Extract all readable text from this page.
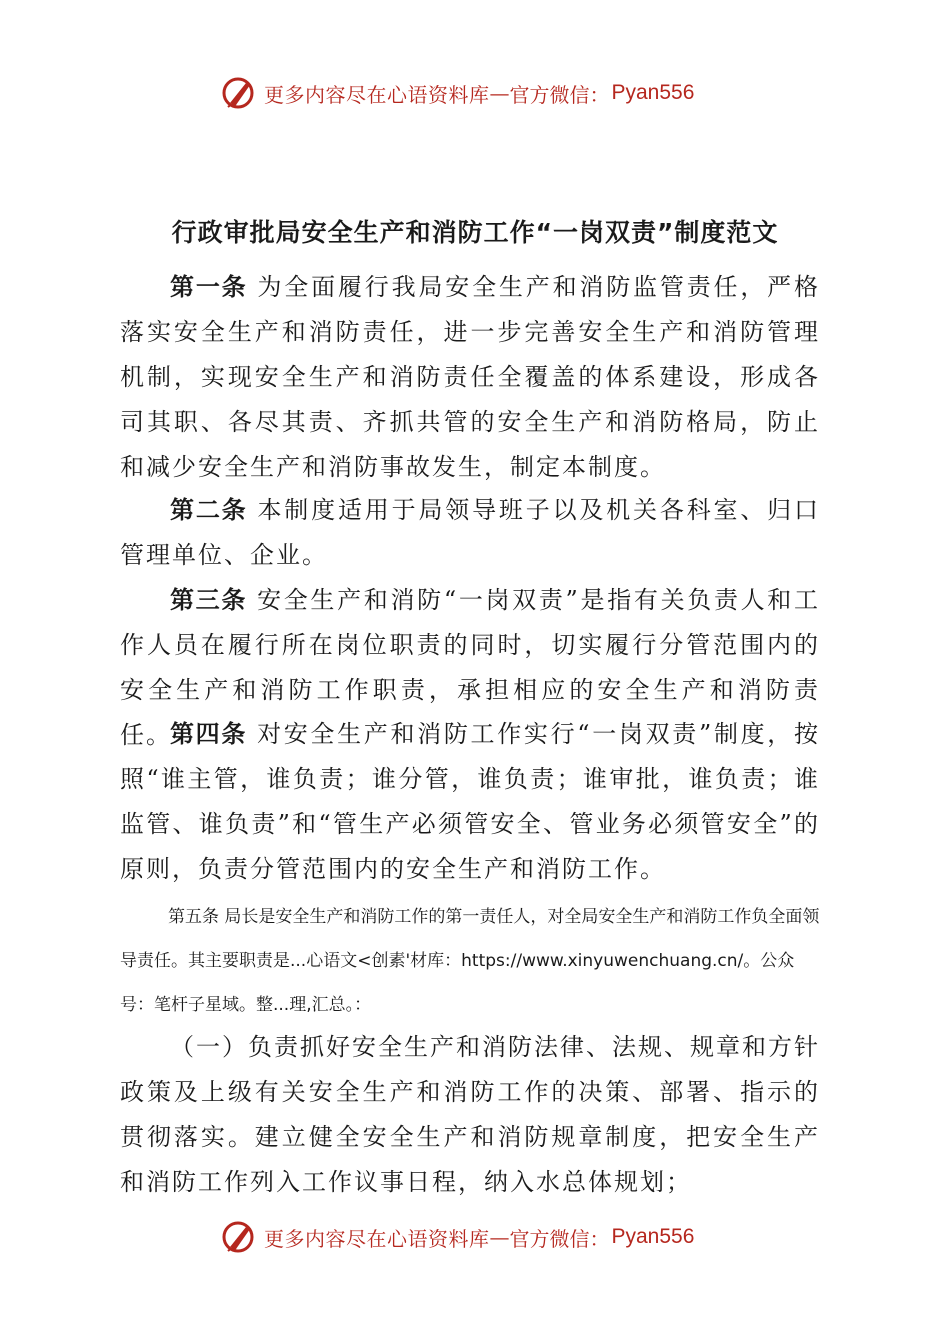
更多内容尽在心语资料库 — 官方微信： Pyan556
行政审批局安全生产和消防工作“一岗双责”制度范文

第一条 为全面履行我局安全生产和消防监管责任，严格落实安全生产和消防责任，进一步完善安全生产和消防管理机制，实现安全生产和消防责任全覆盖的体系建设，形成各司其职、各尽其责、齐抓共管的安全生产和消防格局，防止和减少安全生产和消防事故发生，制定本制度。

第二条 本制度适用于局领导班子以及机关各科室、归口管理单位、企业。

第三条 安全生产和消防“一岗双责”是指有关负责人和工作人员在履行所在岗位职责的同时，切实履行分管范围内的安全生产和消防工作职责，承担相应的安全生产和消防责任。

第四条 对安全生产和消防工作实行“一岗双责”制度，按照“谁主管，谁负责；谁分管，谁负责；谁审批，谁负责；谁监管、谁负责”和“管生产必须管安全、管业务必须管安全”的原则，负责分管范围内的安全生产和消防工作。

第五条 局长是安全生产和消防工作的第一责任人，对全局安全生产和消防工作负全面领导责任。其主要职责是...心语文<创素'材库：https://www.xinyuwenchuang.cn/。公众号：笔杆子星域。整...理,汇总。：

（一）负责抓好安全生产和消防法律、法规、规章和方针政策及上级有关安全生产和消防工作的决策、部署、指示的贯彻落实。建立健全安全生产和消防规章制度，把安全生产和消防工作列入工作议事日程，纳入水总体规划；

更多内容尽在心语资料库 — 官方微信： Pyan556
